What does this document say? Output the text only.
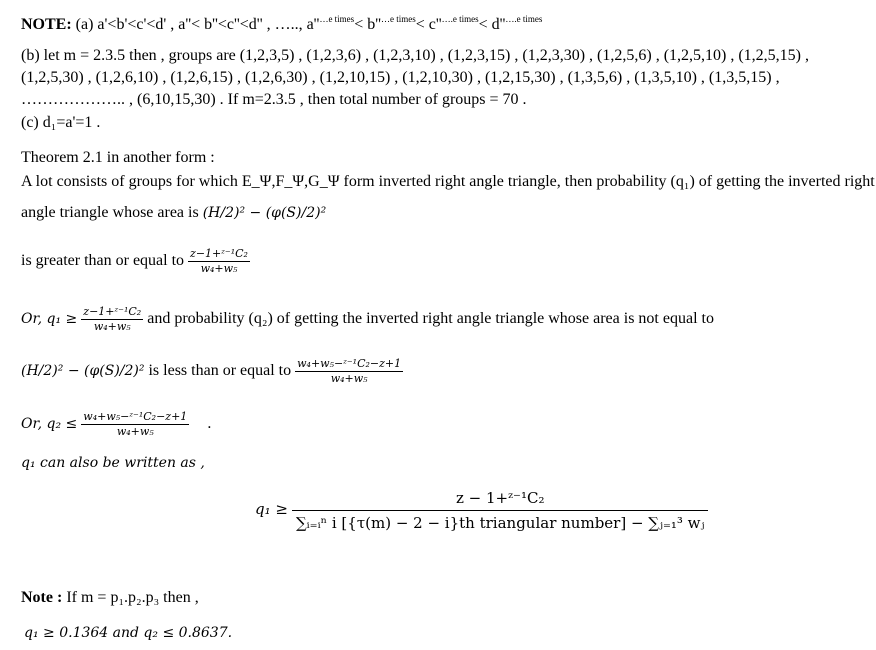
NOTE: (a) a'<b'<c'<d' , a''< b''<c''<d'' , ….., $a''^{\dots e times}< b''^{\dots e times}< c''^{\dots.e times}< d''^{\dots.e times}$
(b) let m = 2.3.5 then , groups are (1,2,3,5) , (1,2,3,6) , (1,2,3,10) , (1,2,3,15) , (1,2,3,30) , (1,2,5,6) , (1,2,5,10) , (1,2,5,15) ,
(1,2,5,30) , (1,2,6,10) , (1,2,6,15) , (1,2,6,30) , (1,2,10,15) , (1,2,10,30) , (1,2,15,30) , (1,3,5,6) , (1,3,5,10) , (1,3,5,15) ,
……………….. , (6,10,15,30) . If m=2.3.5 , then total number of groups = 70 .
(c) d₁=a'=1 .
Theorem 2.1 in another form :
A lot consists of groups for which E_Ψ,F_Ψ,G_Ψ form inverted right angle triangle, then probability (q₁) of getting the inverted right
angle triangle whose area is (H/2)² − (φ(S)/2)²
is greater than or equal to $\frac{\text{z−1+ᶻ⁻¹C₂}}{\text{w₄+w₅}}$
Or, $q_1 \ge \frac{\text{z−1+ᶻ⁻¹C₂}}{\text{w₄+w₅}}$ and probability (q₂) of getting the inverted right angle triangle whose area is not equal to
(H/2)² − (φ(S)/2)² is less than or equal to $\frac{\text{w₄+w₅−ᶻ⁻¹C₂−z+1}}{\text{w₄+w₅}}$
Or, $q_2 \le \frac{\text{w₄+w₅−ᶻ⁻¹C₂−z+1}}{\text{w₄+w₅}}$ .
q₁ can also be written as ,
$q_1 \ge \frac{\text{z − 1+ᶻ⁻¹C₂}}{\text{∑ᵢ₌ᵢⁿ i [\{τ(m) − 2 − i\}th triangular number] − ∑ⱼ₌₁³ wⱼ}}$
Note : If m = p₁.p₂.p₃ then ,
q₁ ≥ 0.1364 and q₂ ≤ 0.8637.
